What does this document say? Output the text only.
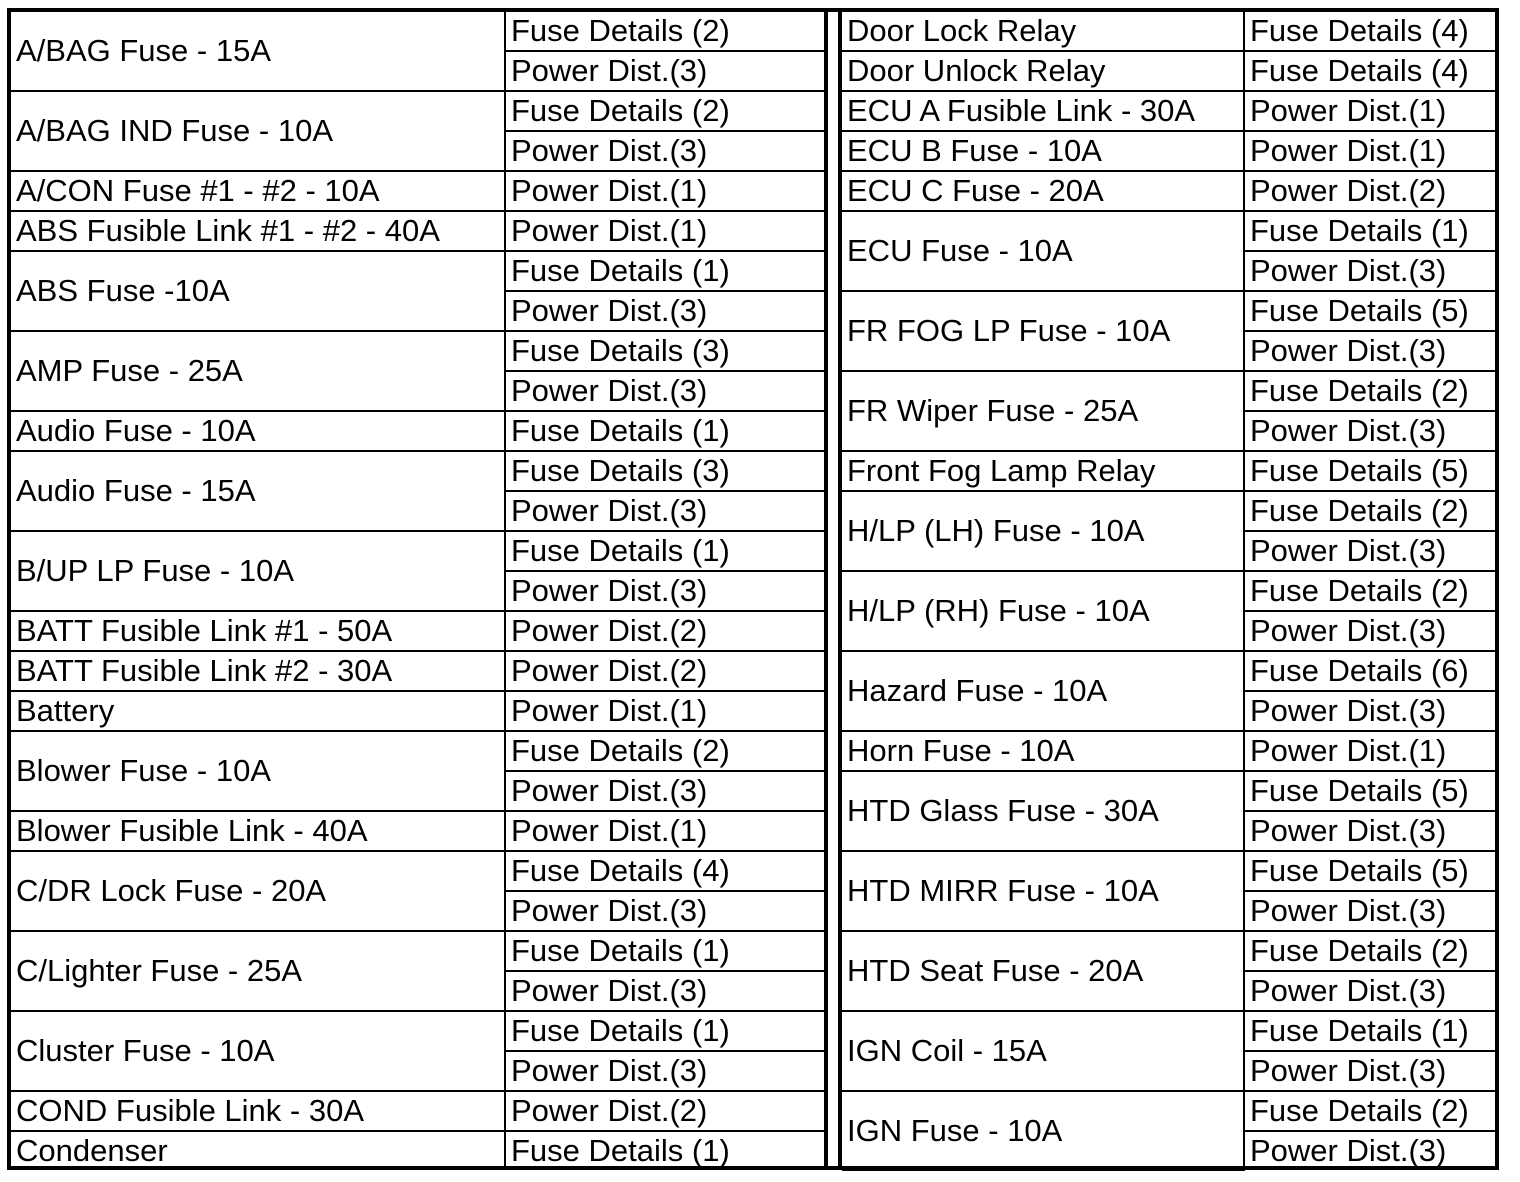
A/BAG Fuse - 15A	Fuse Details (2)
	Power Dist.(3)
A/BAG IND Fuse - 10A	Fuse Details (2)
	Power Dist.(3)
A/CON Fuse #1 - #2 - 10A	Power Dist.(1)
ABS Fusible Link #1 - #2 - 40A	Power Dist.(1)
ABS Fuse -10A	Fuse Details (1)
	Power Dist.(3)
AMP Fuse - 25A	Fuse Details (3)
	Power Dist.(3)
Audio Fuse - 10A	Fuse Details (1)
Audio Fuse - 15A	Fuse Details (3)
	Power Dist.(3)
B/UP LP Fuse - 10A	Fuse Details (1)
	Power Dist.(3)
BATT Fusible Link #1 - 50A	Power Dist.(2)
BATT Fusible Link #2 - 30A	Power Dist.(2)
Battery	Power Dist.(1)
Blower Fuse - 10A	Fuse Details (2)
	Power Dist.(3)
Blower Fusible Link - 40A	Power Dist.(1)
C/DR Lock Fuse - 20A	Fuse Details (4)
	Power Dist.(3)
C/Lighter Fuse - 25A	Fuse Details (1)
	Power Dist.(3)
Cluster Fuse - 10A	Fuse Details (1)
	Power Dist.(3)
COND Fusible Link - 30A	Power Dist.(2)
Condenser	Fuse Details (1)
Door Lock Relay	Fuse Details (4)
Door Unlock Relay	Fuse Details (4)
ECU A Fusible Link - 30A	Power Dist.(1)
ECU B Fuse - 10A	Power Dist.(1)
ECU C Fuse - 20A	Power Dist.(2)
ECU Fuse - 10A	Fuse Details (1)
	Power Dist.(3)
FR FOG LP Fuse - 10A	Fuse Details (5)
	Power Dist.(3)
FR Wiper Fuse - 25A	Fuse Details (2)
	Power Dist.(3)
Front Fog Lamp Relay	Fuse Details (5)
H/LP (LH) Fuse - 10A	Fuse Details (2)
	Power Dist.(3)
H/LP (RH) Fuse - 10A	Fuse Details (2)
	Power Dist.(3)
Hazard Fuse - 10A	Fuse Details (6)
	Power Dist.(3)
Horn Fuse - 10A	Power Dist.(1)
HTD Glass Fuse - 30A	Fuse Details (5)
	Power Dist.(3)
HTD MIRR Fuse - 10A	Fuse Details (5)
	Power Dist.(3)
HTD Seat Fuse - 20A	Fuse Details (2)
	Power Dist.(3)
IGN Coil - 15A	Fuse Details (1)
	Power Dist.(3)
IGN Fuse - 10A	Fuse Details (2)
	Power Dist.(3)
